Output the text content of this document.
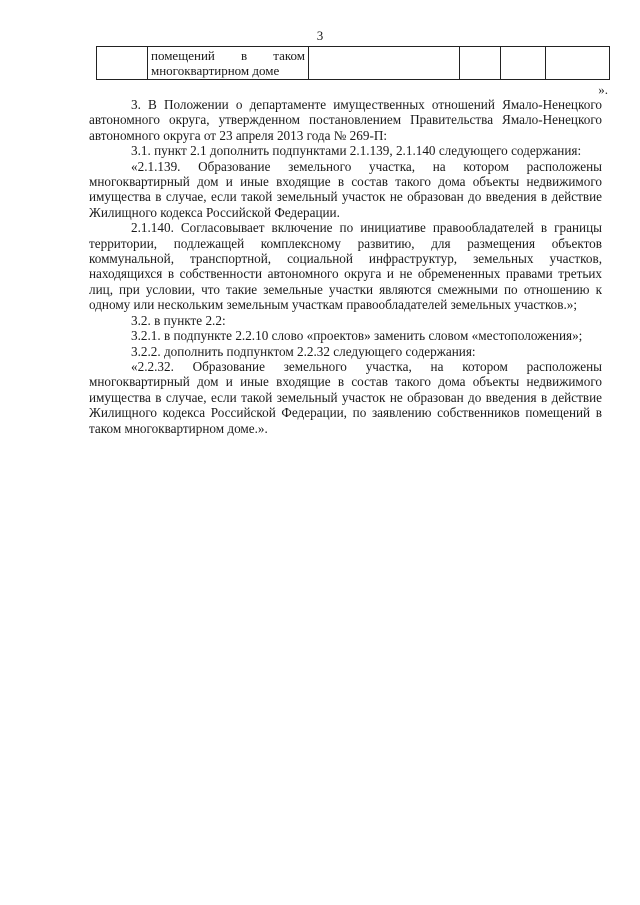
3

помещений в таком
многоквартирном доме

».

3. В Положении о департаменте имущественных отношений Ямало-Ненецкого автономного округа, утвержденном постановлением Правительства Ямало-Ненецкого автономного округа от 23 апреля 2013 года № 269-П:

3.1. пункт 2.1 дополнить подпунктами 2.1.139, 2.1.140 следующего содержания:

«2.1.139. Образование земельного участка, на котором расположены многоквартирный дом и иные входящие в состав такого дома объекты недвижимого имущества в случае, если такой земельный участок не образован до введения в действие Жилищного кодекса Российской Федерации.

2.1.140. Согласовывает включение по инициативе правообладателей в границы территории, подлежащей комплексному развитию, для размещения объектов коммунальной, транспортной, социальной инфраструктур, земельных участков, находящихся в собственности автономного округа и не обремененных правами третьих лиц, при условии, что такие земельные участки являются смежными по отношению к одному или нескольким земельным участкам правообладателей земельных участков.»;

3.2. в пункте 2.2:

3.2.1. в подпункте 2.2.10 слово «проектов» заменить словом «местоположения»;

3.2.2. дополнить подпунктом 2.2.32 следующего содержания:

«2.2.32. Образование земельного участка, на котором расположены многоквартирный дом и иные входящие в состав такого дома объекты недвижимого имущества в случае, если такой земельный участок не образован до введения в действие Жилищного кодекса Российской Федерации, по заявлению собственников помещений в таком многоквартирном доме.».
